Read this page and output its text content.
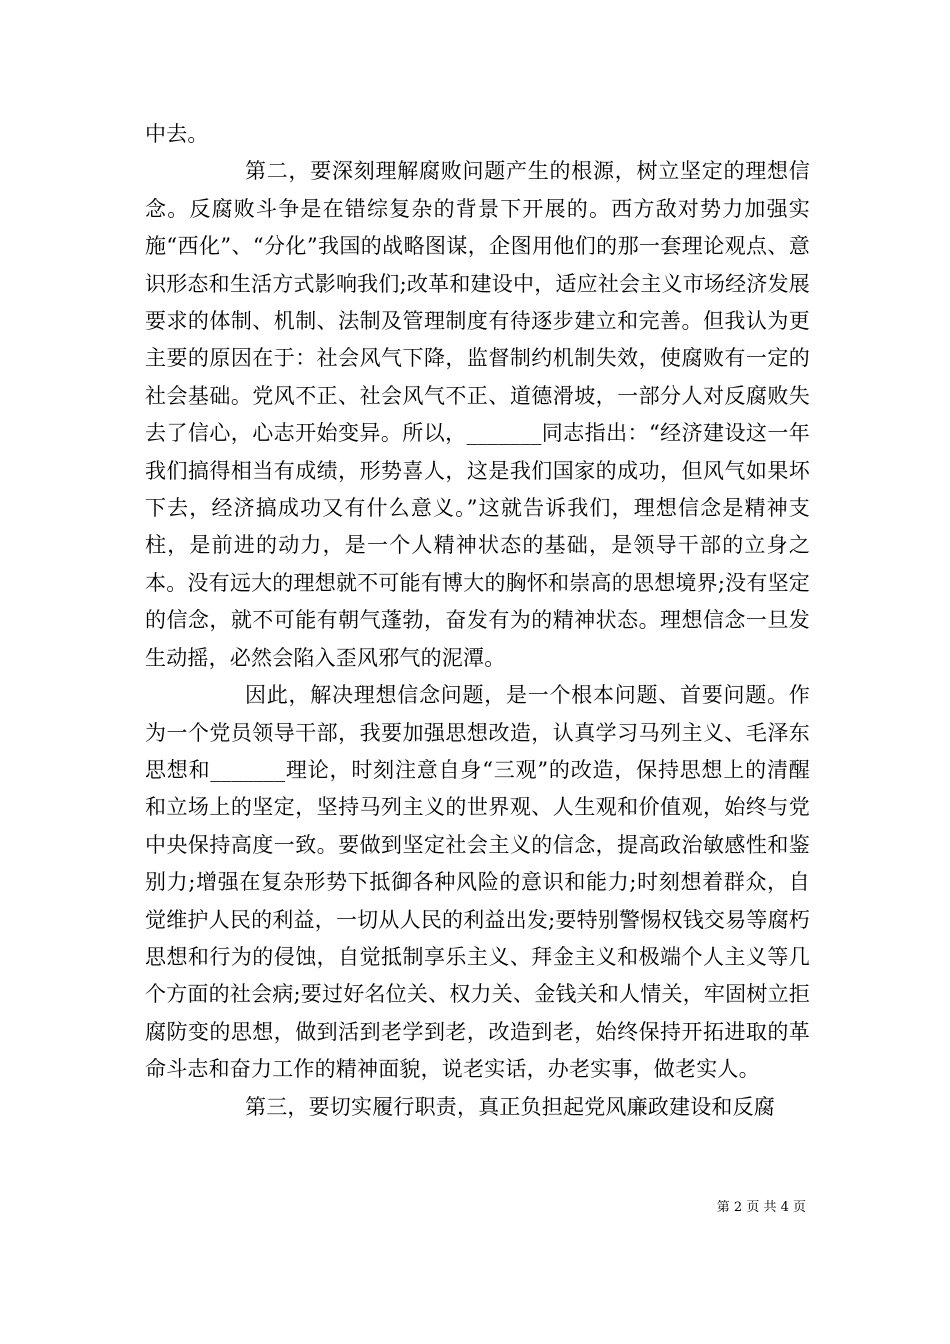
中去。

第二，要深刻理解腐败问题产生的根源，树立坚定的理想信念。反腐败斗争是在错综复杂的背景下开展的。西方敌对势力加强实施“西化”、“分化”我国的战略图谋，企图用他们的那一套理论观点、意识形态和生活方式影响我们;改革和建设中，适应社会主义市场经济发展要求的体制、机制、法制及管理制度有待逐步建立和完善。但我认为更主要的原因在于：社会风气下降，监督制约机制失效，使腐败有一定的社会基础。党风不正、社会风气不正、道德滑坡，一部分人对反腐败失去了信心，心志开始变异。所以，_______同志指出：“经济建设这一年我们搞得相当有成绩，形势喜人，这是我们国家的成功，但风气如果坏下去，经济搞成功又有什么意义。”这就告诉我们，理想信念是精神支柱，是前进的动力，是一个人精神状态的基础，是领导干部的立身之本。没有远大的理想就不可能有博大的胸怀和崇高的思想境界;没有坚定的信念，就不可能有朝气蓬勃，奋发有为的精神状态。理想信念一旦发生动摇，必然会陷入歪风邪气的泥潭。

因此，解决理想信念问题，是一个根本问题、首要问题。作为一个党员领导干部，我要加强思想改造，认真学习马列主义、毛泽东思想和_______理论，时刻注意自身“三观”的改造，保持思想上的清醒和立场上的坚定，坚持马列主义的世界观、人生观和价值观，始终与党中央保持高度一致。要做到坚定社会主义的信念，提高政治敏感性和鉴别力;增强在复杂形势下抵御各种风险的意识和能力;时刻想着群众，自觉维护人民的利益，一切从人民的利益出发;要特别警惕权钱交易等腐朽思想和行为的侵蚀，自觉抵制享乐主义、拜金主义和极端个人主义等几个方面的社会病;要过好名位关、权力关、金钱关和人情关，牢固树立拒腐防变的思想，做到活到老学到老，改造到老，始终保持开拓进取的革命斗志和奋力工作的精神面貌，说老实话，办老实事，做老实人。

第三，要切实履行职责，真正负担起党风廉政建设和反腐

第 2 页 共 4 页
